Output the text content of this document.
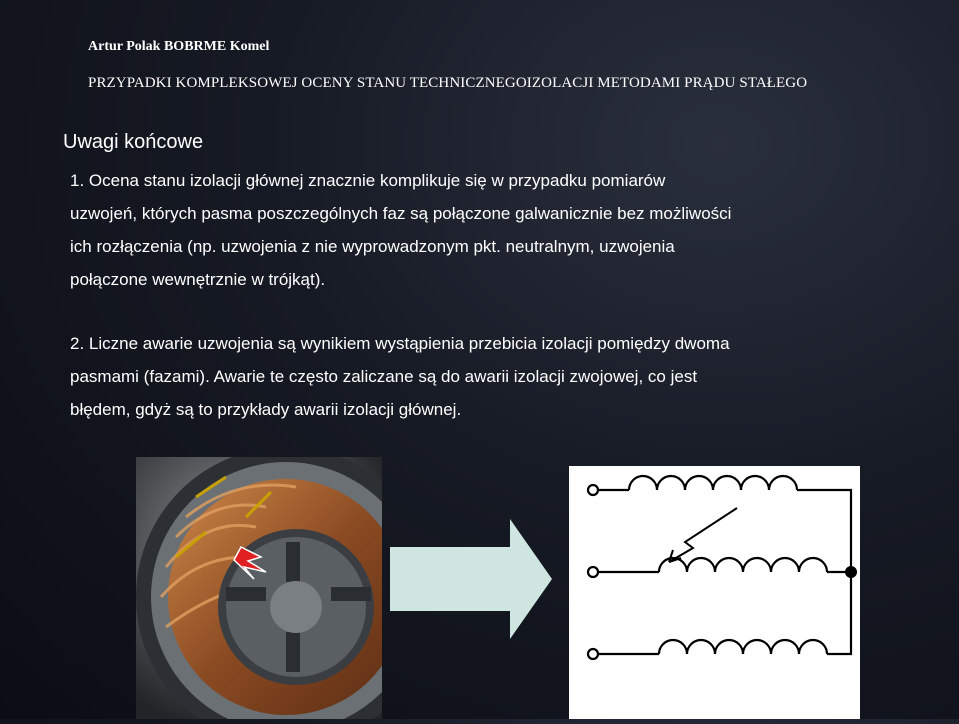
Artur Polak BOBRME Komel
PRZYPADKI KOMPLEKSOWEJ OCENY STANU TECHNICZNEGOIZOLACJI METODAMI PRĄDU STAŁEGO
Uwagi końcowe
1. Ocena stanu izolacji głównej znacznie komplikuje się w przypadku pomiarów
uzwojeń, których pasma poszczególnych faz są połączone galwanicznie bez możliwości
ich rozłączenia (np. uzwojenia z nie wyprowadzonym pkt. neutralnym, uzwojenia
połączone wewnętrznie w trójkąt).
2. Liczne awarie uzwojenia są wynikiem wystąpienia przebicia izolacji pomiędzy dwoma
pasmami (fazami). Awarie te często zaliczane są do awarii izolacji zwojowej, co jest
błędem, gdyż są to przykłady awarii izolacji głównej.
